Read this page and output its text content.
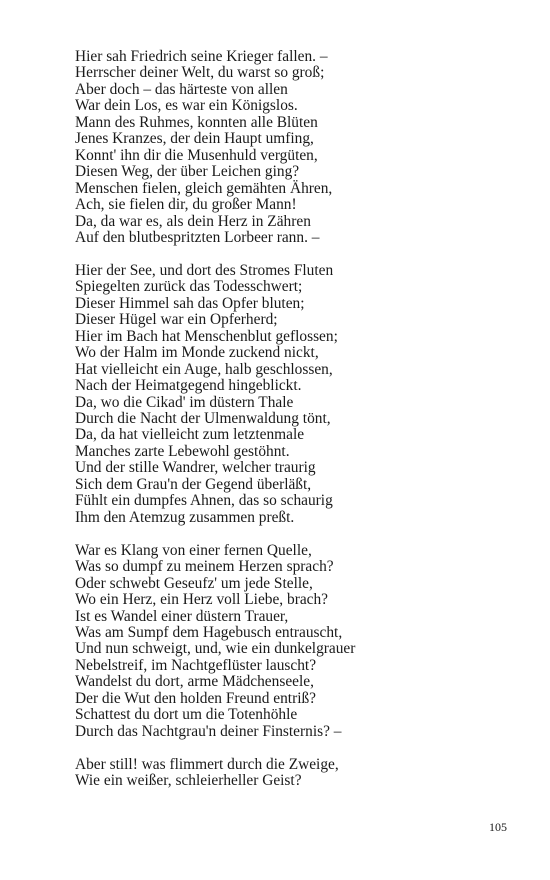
Hier sah Friedrich seine Krieger fallen. –
Herrscher deiner Welt, du warst so groß;
Aber doch – das härteste von allen
War dein Los, es war ein Königslos.
Mann des Ruhmes, konnten alle Blüten
Jenes Kranzes, der dein Haupt umfing,
Konnt' ihn dir die Musenhuld vergüten,
Diesen Weg, der über Leichen ging?
Menschen fielen, gleich gemähten Ähren,
Ach, sie fielen dir, du großer Mann!
Da, da war es, als dein Herz in Zähren
Auf den blutbespritzten Lorbeer rann. –
Hier der See, und dort des Stromes Fluten
Spiegelten zurück das Todesschwert;
Dieser Himmel sah das Opfer bluten;
Dieser Hügel war ein Opferherd;
Hier im Bach hat Menschenblut geflossen;
Wo der Halm im Monde zuckend nickt,
Hat vielleicht ein Auge, halb geschlossen,
Nach der Heimatgegend hingeblickt.
Da, wo die Cikad' im düstern Thale
Durch die Nacht der Ulmenwaldung tönt,
Da, da hat vielleicht zum letztenmale
Manches zarte Lebewohl gestöhnt.
Und der stille Wandrer, welcher traurig
Sich dem Grau'n der Gegend überläßt,
Fühlt ein dumpfes Ahnen, das so schaurig
Ihm den Atemzug zusammen preßt.
War es Klang von einer fernen Quelle,
Was so dumpf zu meinem Herzen sprach?
Oder schwebt Geseufz' um jede Stelle,
Wo ein Herz, ein Herz voll Liebe, brach?
Ist es Wandel einer düstern Trauer,
Was am Sumpf dem Hagebusch entrauscht,
Und nun schweigt, und, wie ein dunkelgrauer
Nebelstreif, im Nachtgeflüster lauscht?
Wandelst du dort, arme Mädchenseele,
Der die Wut den holden Freund entriß?
Schattest du dort um die Totenhöhle
Durch das Nachtgrau'n deiner Finsternis? –
Aber still! was flimmert durch die Zweige,
Wie ein weißer, schleierheller Geist?
105
